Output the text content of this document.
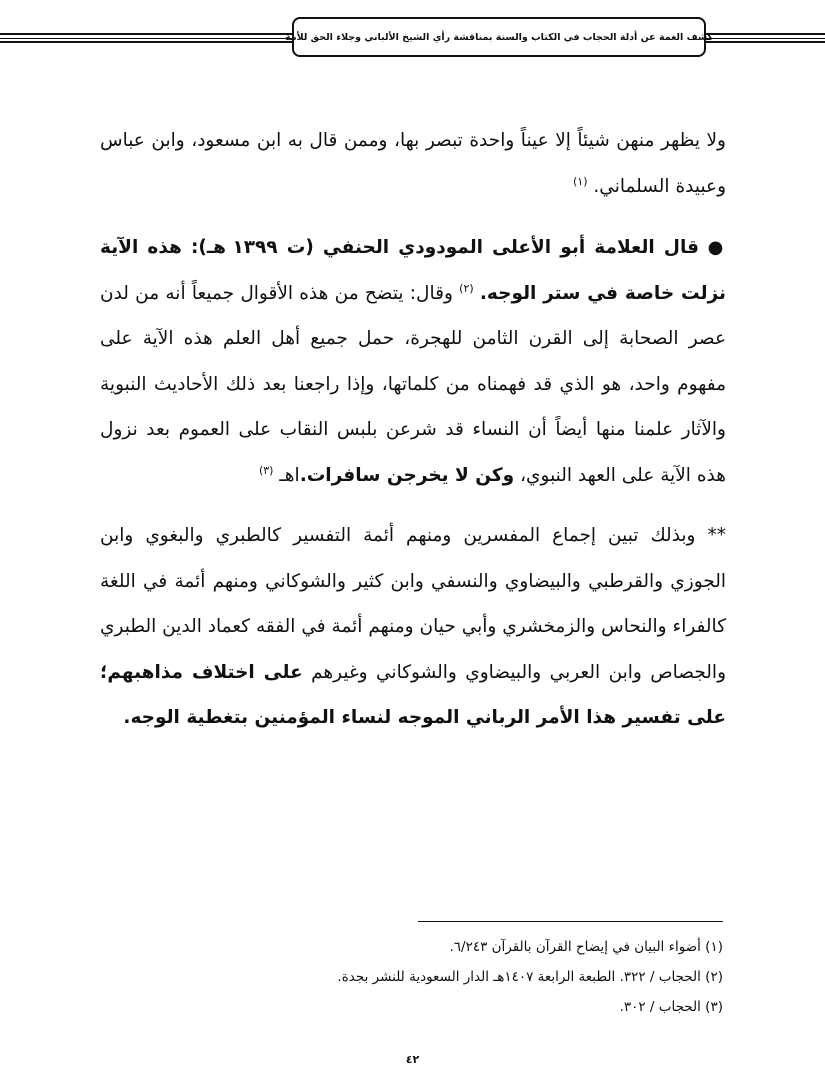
كشف الغمة عن أدلة الحجاب في الكتاب والسنة بمناقشة رأي الشيخ الألباني وجلاء الحق للأمة

ولا يظهر منهن شيئاً إلا عيناً واحدة تبصر بها، وممن قال به ابن مسعود، وابن عباس وعبيدة السلماني. $^{(١)}$

● قال العلامة أبو الأعلى المودودي الحنفي (ت ١٣٩٩ هـ): هذه الآية نزلت خاصة في ستر الوجه. $^{(٢)}$ وقال: يتضح من هذه الأقوال جميعاً أنه من لدن عصر الصحابة إلى القرن الثامن للهجرة، حمل جميع أهل العلم هذه الآية على مفهوم واحد، هو الذي قد فهمناه من كلماتها، وإذا راجعنا بعد ذلك الأحاديث النبوية والآثار علمنا منها أيضاً أن النساء قد شرعن بلبس النقاب على العموم بعد نزول هذه الآية على العهد النبوي، وكن لا يخرجن سافرات.اهـ $^{(٣)}$

** وبذلك تبين إجماع المفسرين ومنهم أئمة التفسير كالطبري والبغوي وابن الجوزي والقرطبي والبيضاوي والنسفي وابن كثير والشوكاني ومنهم أئمة في اللغة كالفراء والنحاس والزمخشري وأبي حيان ومنهم أئمة في الفقه كعماد الدين الطبري والجصاص وابن العربي والبيضاوي والشوكاني وغيرهم على اختلاف مذاهبهم؛ على تفسير هذا الأمر الرباني الموجه لنساء المؤمنين بتغطية الوجه.

(١) أضواء البيان في إيضاح القرآن بالقرآن ٦/٢٤٣.
(٢) الحجاب / ٣٢٢. الطبعة الرابعة ١٤٠٧هـ الدار السعودية للنشر بجدة.
(٣) الحجاب / ٣٠٢.
٤٢
